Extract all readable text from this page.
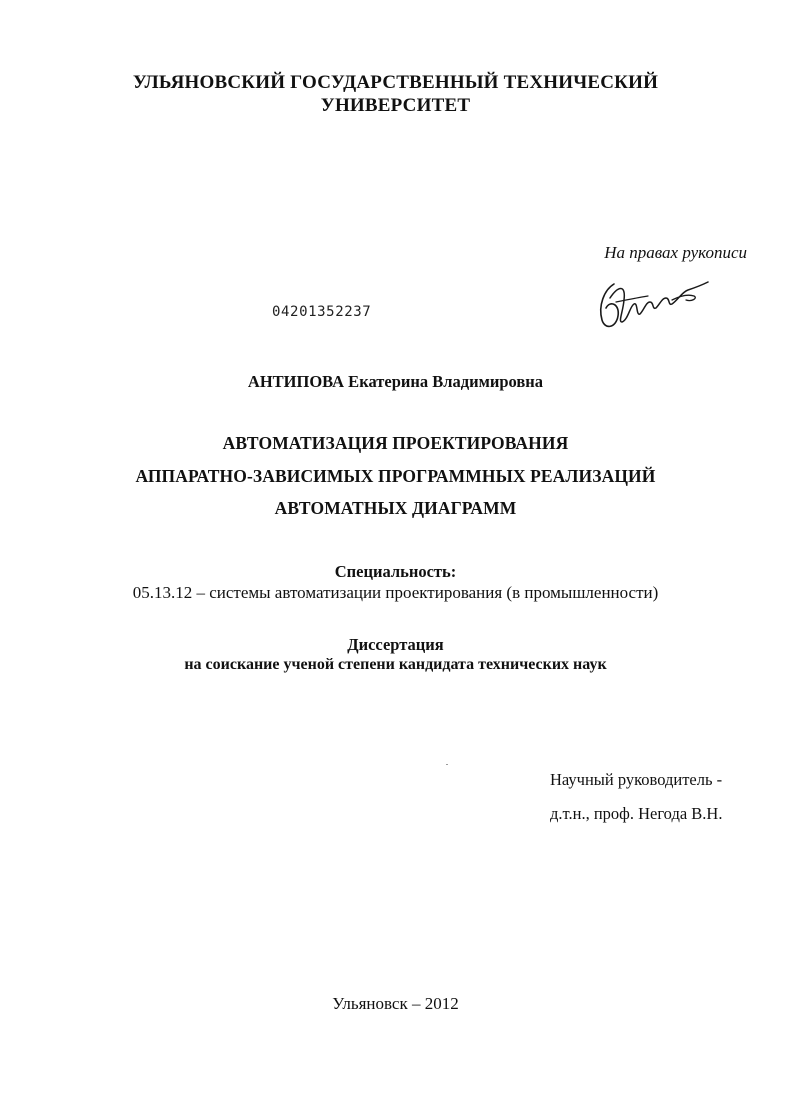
УЛЬЯНОВСКИЙ ГОСУДАРСТВЕННЫЙ ТЕХНИЧЕСКИЙ
УНИВЕРСИТЕТ
На правах рукописи
04201352237
АНТИПОВА Екатерина Владимировна
АВТОМАТИЗАЦИЯ ПРОЕКТИРОВАНИЯ
АППАРАТНО-ЗАВИСИМЫХ ПРОГРАММНЫХ РЕАЛИЗАЦИЙ
АВТОМАТНЫХ ДИАГРАММ
Специальность:
05.13.12 – системы автоматизации проектирования (в промышленности)
Диссертация
на соискание ученой степени кандидата технических наук
Научный руководитель -
д.т.н., проф. Негода В.Н.
Ульяновск – 2012
